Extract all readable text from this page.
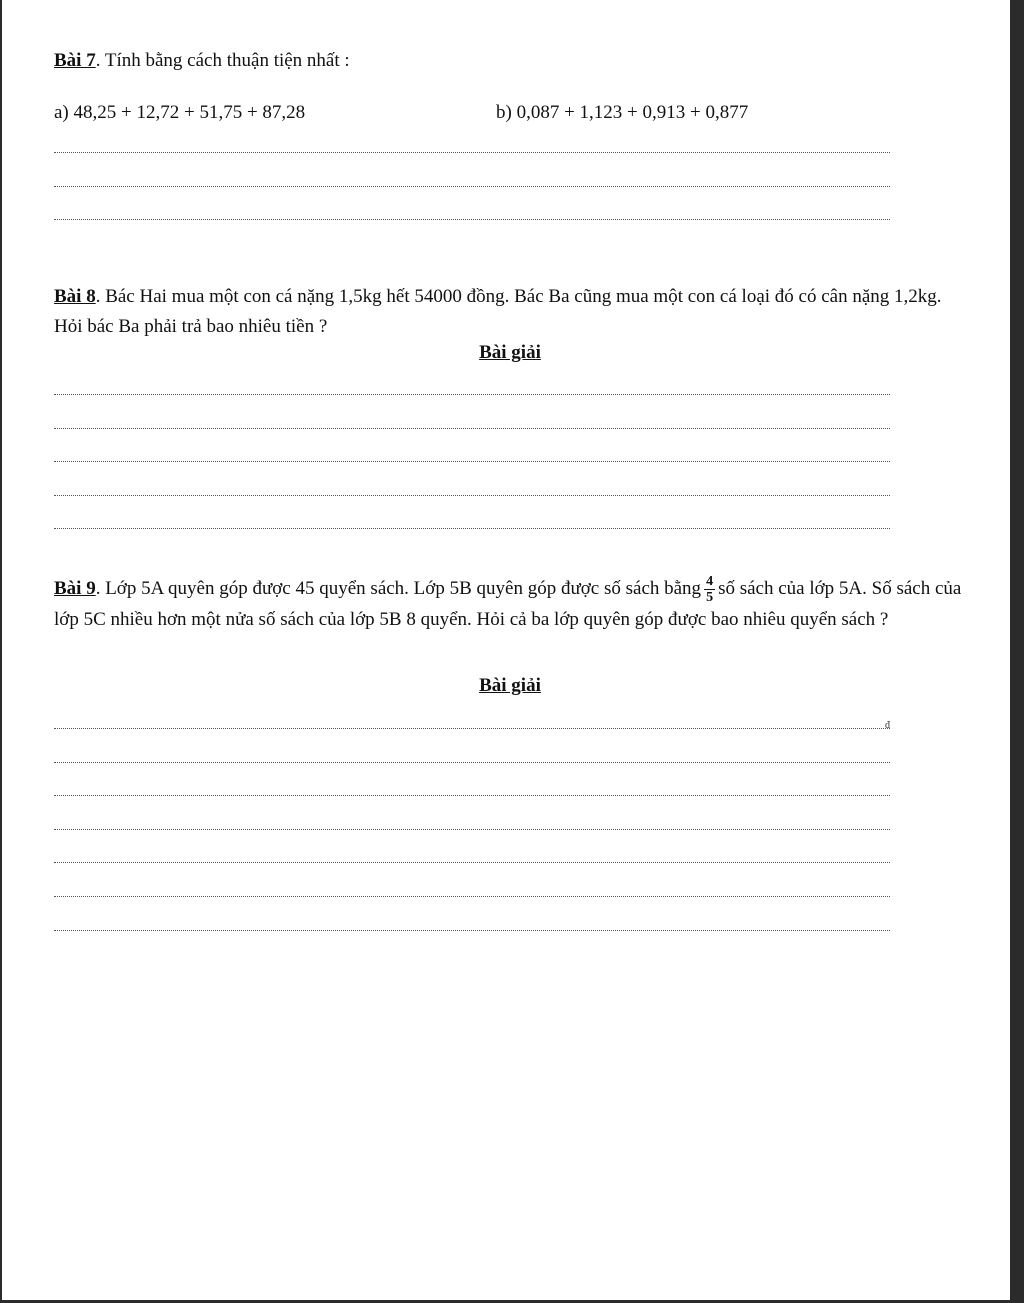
Bài 7. Tính bằng cách thuận tiện nhất :
a) 48,25 + 12,72 + 51,75 + 87,28	b) 0,087 + 1,123 + 0,913 + 0,877
Bài 8. Bác Hai mua một con cá nặng 1,5kg hết 54000 đồng. Bác Ba cũng mua một con cá loại đó có cân nặng 1,2kg. Hỏi bác Ba phải trả bao nhiêu tiền ?
Bài giải
Bài 9. Lớp 5A quyên góp được 45 quyển sách. Lớp 5B quyên góp được số sách bằng $\frac{4}{5}$ số sách của lớp 5A. Số sách của lớp 5C nhiều hơn một nửa số sách của lớp 5B 8 quyển. Hỏi cả ba lớp quyên góp được bao nhiêu quyển sách ?
Bài giải
đ
